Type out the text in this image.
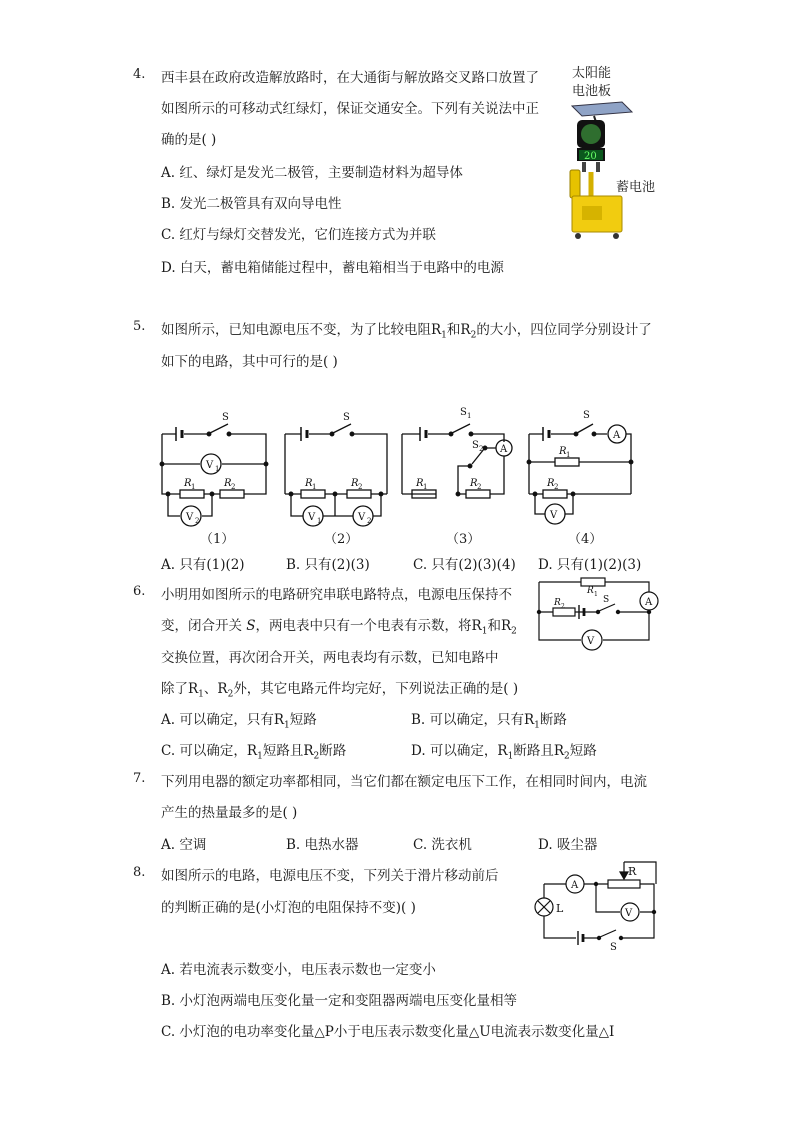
4. 西丰县在政府改造解放路时，在大通街与解放路交叉路口放置了
如图所示的可移动式红绿灯，保证交通安全。下列有关说法中正
确的是( )
A. 红、绿灯是发光二极管，主要制造材料为超导体
B. 发光二极管具有双向导电性
C. 红灯与绿灯交替发光，它们连接方式为并联
D. 白天，蓄电箱储能过程中，蓄电箱相当于电路中的电源
太阳能
电池板
蓄电池
20
5. 如图所示，已知电源电压不变，为了比较电阻$R_1$和$R_2$的大小，四位同学分别设计了
如下的电路，其中可行的是( )
S
V 1
R 1	R 2
V 2
（1）
S
R 1	R 2
V 1	V 2
（2）
S 1
A
S 2
R 1	R 2
（3）
S
A
R 1
R 2
V
（4）
A. 只有(1)(2)	B. 只有(2)(3)	C. 只有(2)(3)(4) D. 只有(1)(2)(3)
6. 小明用如图所示的电路研究串联电路特点，电源电压保持不
变，闭合开关 S，两电表中只有一个电表有示数，将$R_1$和$R_2$
交换位置，再次闭合开关，两电表均有示数，已知电路中
除了$R_1$、$R_2$外，其它电路元件均完好，下列说法正确的是( )
A. 可以确定，只有$R_1$短路	B. 可以确定，只有$R_1$断路
C. 可以确定，$R_1$短路且$R_2$断路	D. 可以确定，$R_1$断路且$R_2$短路
R 1
A
R 2
S
V
7. 下列用电器的额定功率都相同，当它们都在额定电压下工作，在相同时间内，电流
产生的热量最多的是( )
A. 空调	B. 电热水器	C. 洗衣机	D. 吸尘器
8. 如图所示的电路，电源电压不变，下列关于滑片移动前后
的判断正确的是(小灯泡的电阻保持不变)( )
A. 若电流表示数变小，电压表示数也一定变小
B. 小灯泡两端电压变化量一定和变阻器两端电压变化量相等
C. 小灯泡的电功率变化量△P小于电压表示数变化量△U电流表示数变化量△I
A
R
L	V
S
